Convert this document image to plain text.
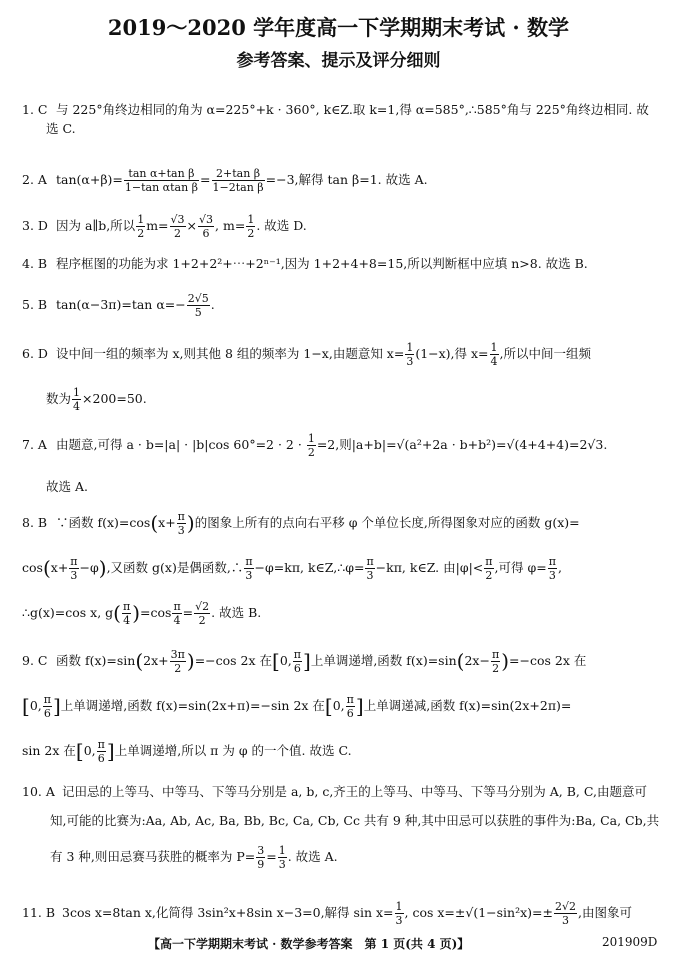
2019～2020 学年度高一下学期期末考试 · 数学
参考答案、提示及评分细则
1. C 与 225°角终边相同的角为 α=225°+k · 360°, k∈Z.取 k=1,得 α=585°,∴585°角与 225°角终边相同. 故
选 C.
2. A $\tan(\alpha+\beta)= \frac{\text{tan α+tan β}}{\text{1−tan αtan β}} = \frac{\text{2+tan β}}{\text{1−2tan β}} =-3$,解得 tan β=1. 故选 A.
3. D 因为 a∥b,所以 $\frac{1}{2} m= \frac{√3}{2} \times \frac{√3}{6}$ , $m= \frac{1}{2}$ . 故选 D.
4. B 程序框图的功能为求 1+2+2²+⋯+2ⁿ⁻¹,因为 1+2+4+8=15,所以判断框中应填 n>8. 故选 B.
5. B tan(α−3π)=tan $\alpha=- \frac{2√5}{5}$ .
6. D 设中间一组的频率为 x,则其他 8 组的频率为 1−x,由题意知 $x= \frac{1}{3} (1-x)$,得 $x= \frac{1}{4}$ ,所以中间一组频
数为 $\frac{1}{4} \times 200=50$.
7. A 由题意,可得 a · b=|a| · |b|cos $60^\circ=2 \cdot 2 \cdot \frac{1}{2} =2$,则|a+b|=√(a²+2a · b+b²)=√(4+4+4)=2√3.
故选 A.
8. B ∵函数 $f(x)=\cos(x+ \frac{\pi}{3}$ )的图象上所有的点向右平移 φ 个单位长度,所得图象对应的函数 g(x)=
$\cos(x+ \frac{\pi}{3} -\varphi)$,又函数 g(x)是偶函数,∴ $\frac{\pi}{3} -\varphi=k\pi$, k∈Z,∴φ= $\frac{\pi}{3} -k\pi$, k∈Z. 由$|\varphi|< \frac{\pi}{2}$ ,可得 $\varphi= \frac{\pi}{3}$ ,
∴g(x)=cos x, $g( \frac{\pi}{4} )=\cos \frac{\pi}{4} = \frac{√2}{2}$ . 故选 B.
9. C 函数 $f(x)=\sin(2x+ \frac{3\pi}{2} )=-\cos$ 2x 在[0, $\frac{\pi}{6}$ ]上单调递增,函数 $f(x)=\sin(2x- \frac{\pi}{2} )=-\cos$ 2x 在
[0, $\frac{\pi}{6}$ ]上单调递增,函数 f(x)=sin(2x+π)=−sin 2x 在[0, $\frac{\pi}{6}$ ]上单调递减,函数 f(x)=sin(2x+2π)=
sin 2x 在[0, $\frac{\pi}{6}$ ]上单调递增,所以 π 为 φ 的一个值. 故选 C.
10. A 记田忌的上等马、中等马、下等马分别是 a, b, c,齐王的上等马、中等马、下等马分别为 A, B, C,由题意可
知,可能的比赛为:Aa, Ab, Ac, Ba, Bb, Bc, Ca, Cb, Cc 共有 9 种,其中田忌可以获胜的事件为:Ba, Ca, Cb,共
有 3 种,则田忌赛马获胜的概率为 $P= \frac{3}{9} = \frac{1}{3}$ . 故选 A.
11. B 3cos x=8tan x,化简得 3sin²x+8sin x−3=0,解得 $\sin x= \frac{1}{3}$ , $\cos x=\pm√(1-\sin^2x)=\pm \frac{2√2}{3}$ ,由图象可
【高一下学期期末考试 · 数学参考答案　第 1 页(共 4 页)】	201909D
